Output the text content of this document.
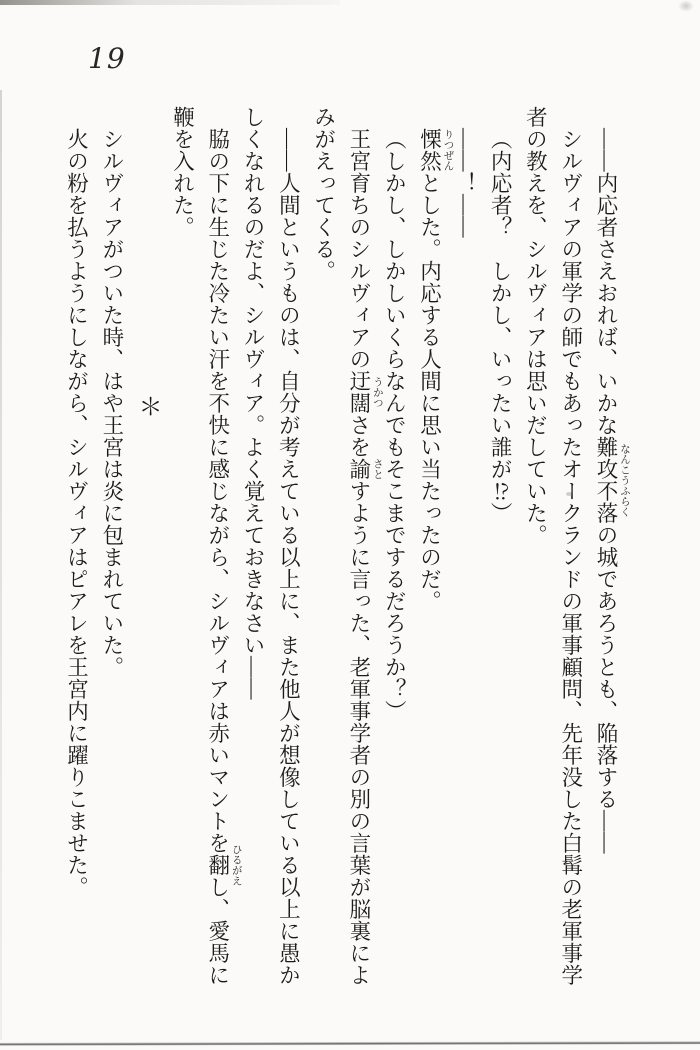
19

――内応者さえおれば、いかな難攻不落 なんこうふらく
の城であろうとも、陥落する――

シルヴィアの軍学の師でもあったオークランドの軍事顧問、先年没した白髯の老軍事学者の教えを、シルヴィアは思いだしていた。

（内応者？　しかし、いったい誰が⁉）

――！――

慄然 りつぜん
とした。内応する人間に思い当たったのだ。

（しかし、しかしいくらなんでもそこまでするだろうか？）

王宮育ちのシルヴィアの迂闊 うかつ
さを諭 さと
すように言った、老軍事学者の別の言葉が脳裏によみがえってくる。

――人間というものは、自分が考えている以上に、また他人が想像している以上に愚かしくなれるのだよ、シルヴィア。よく覚えておきなさい――

脇の下に生じた冷たい汗を不快に感じながら、シルヴィアは赤いマントを翻 ひるがえ
し、愛馬に鞭を入れた。

＊

シルヴィアがついた時、はや王宮は炎に包まれていた。

火の粉を払うようにしながら、シルヴィアはピアレを王宮内に躍りこませた。
